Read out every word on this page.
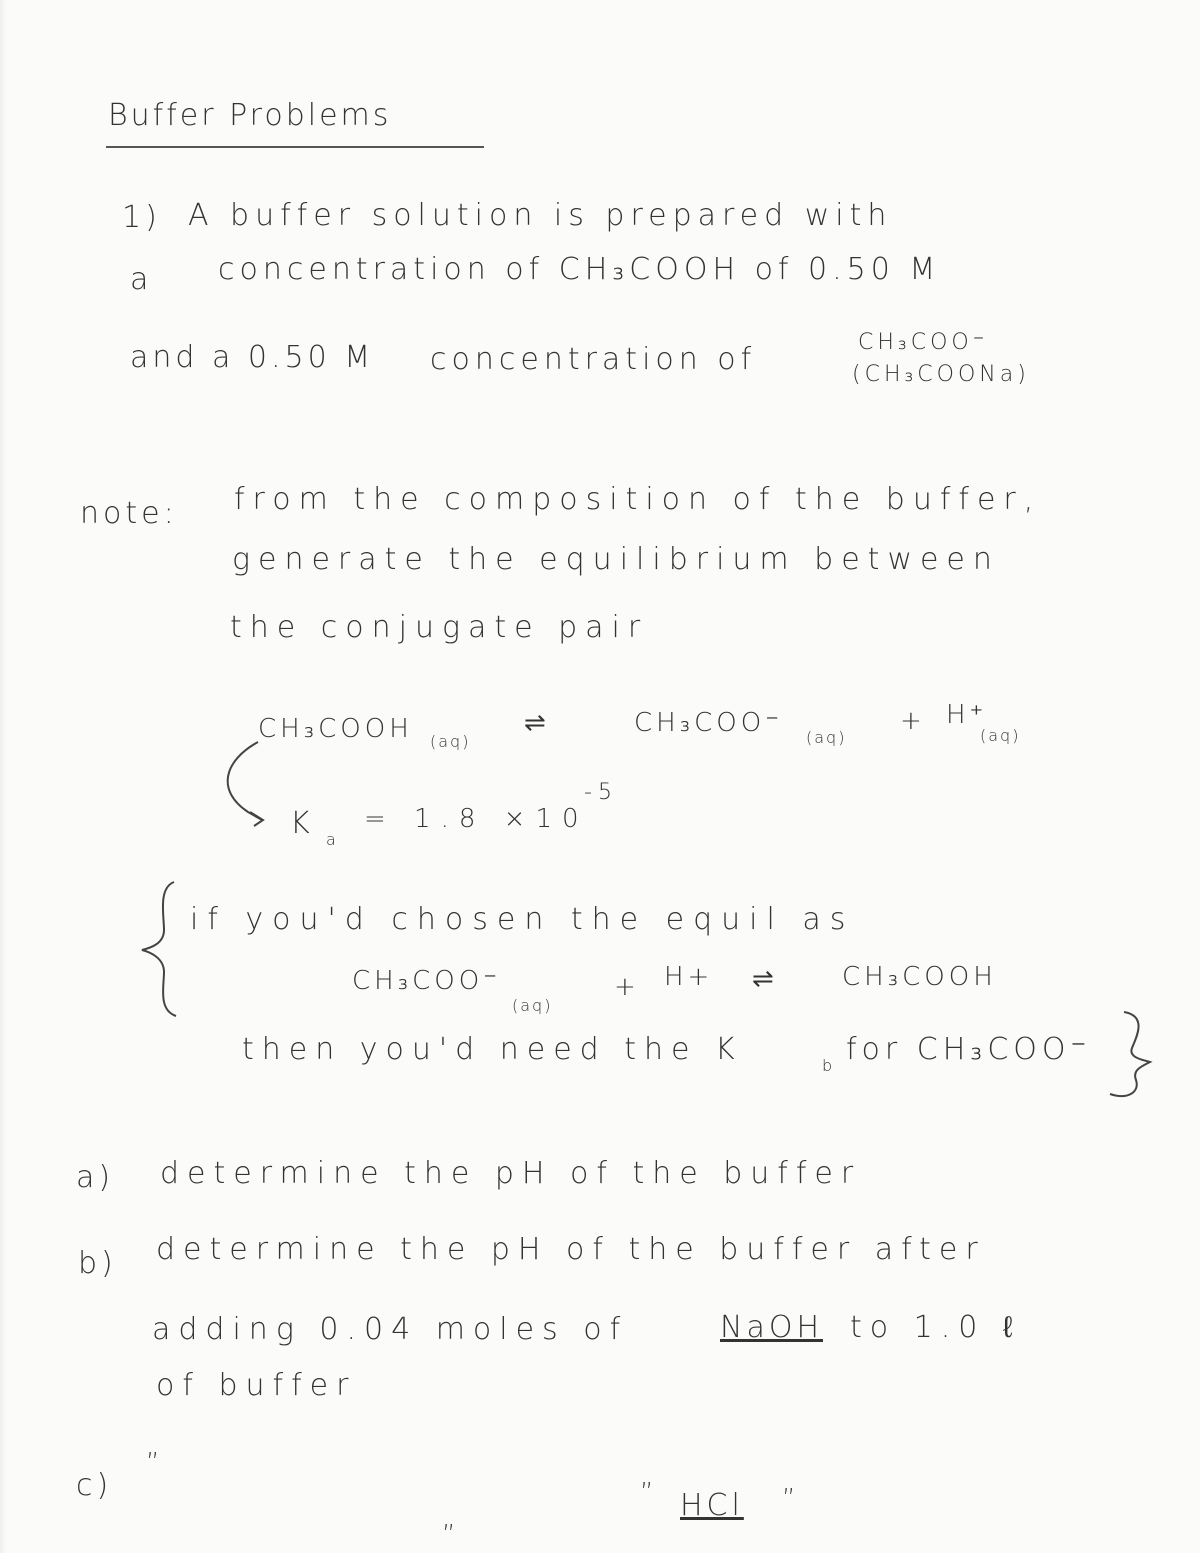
Buffer Problems
1) A buffer solution is prepared with
a concentration of CH₃COOH of 0.50 M
and a 0.50 M concentration of	CH₃COO⁻
(CH₃COONa)
note: from the composition of the buffer,
generate the equilibrium between
the conjugate pair
CH₃COOH (aq)
⇌	CH₃COO⁻ (aq)
+ H⁺
(aq)
K a
= 1.8 ×10
-5
if you'd chosen the equil as
CH₃COO⁻
(aq)
+ H+ ⇌	CH₃COOH
then you'd need the K	b for CH₃COO⁻
a) determine the pH of the buffer
b) determine the pH of the buffer after
adding 0.04 moles of	NaOH to 1.0 ℓ
of buffer
c)
”
”
” HCl ”
